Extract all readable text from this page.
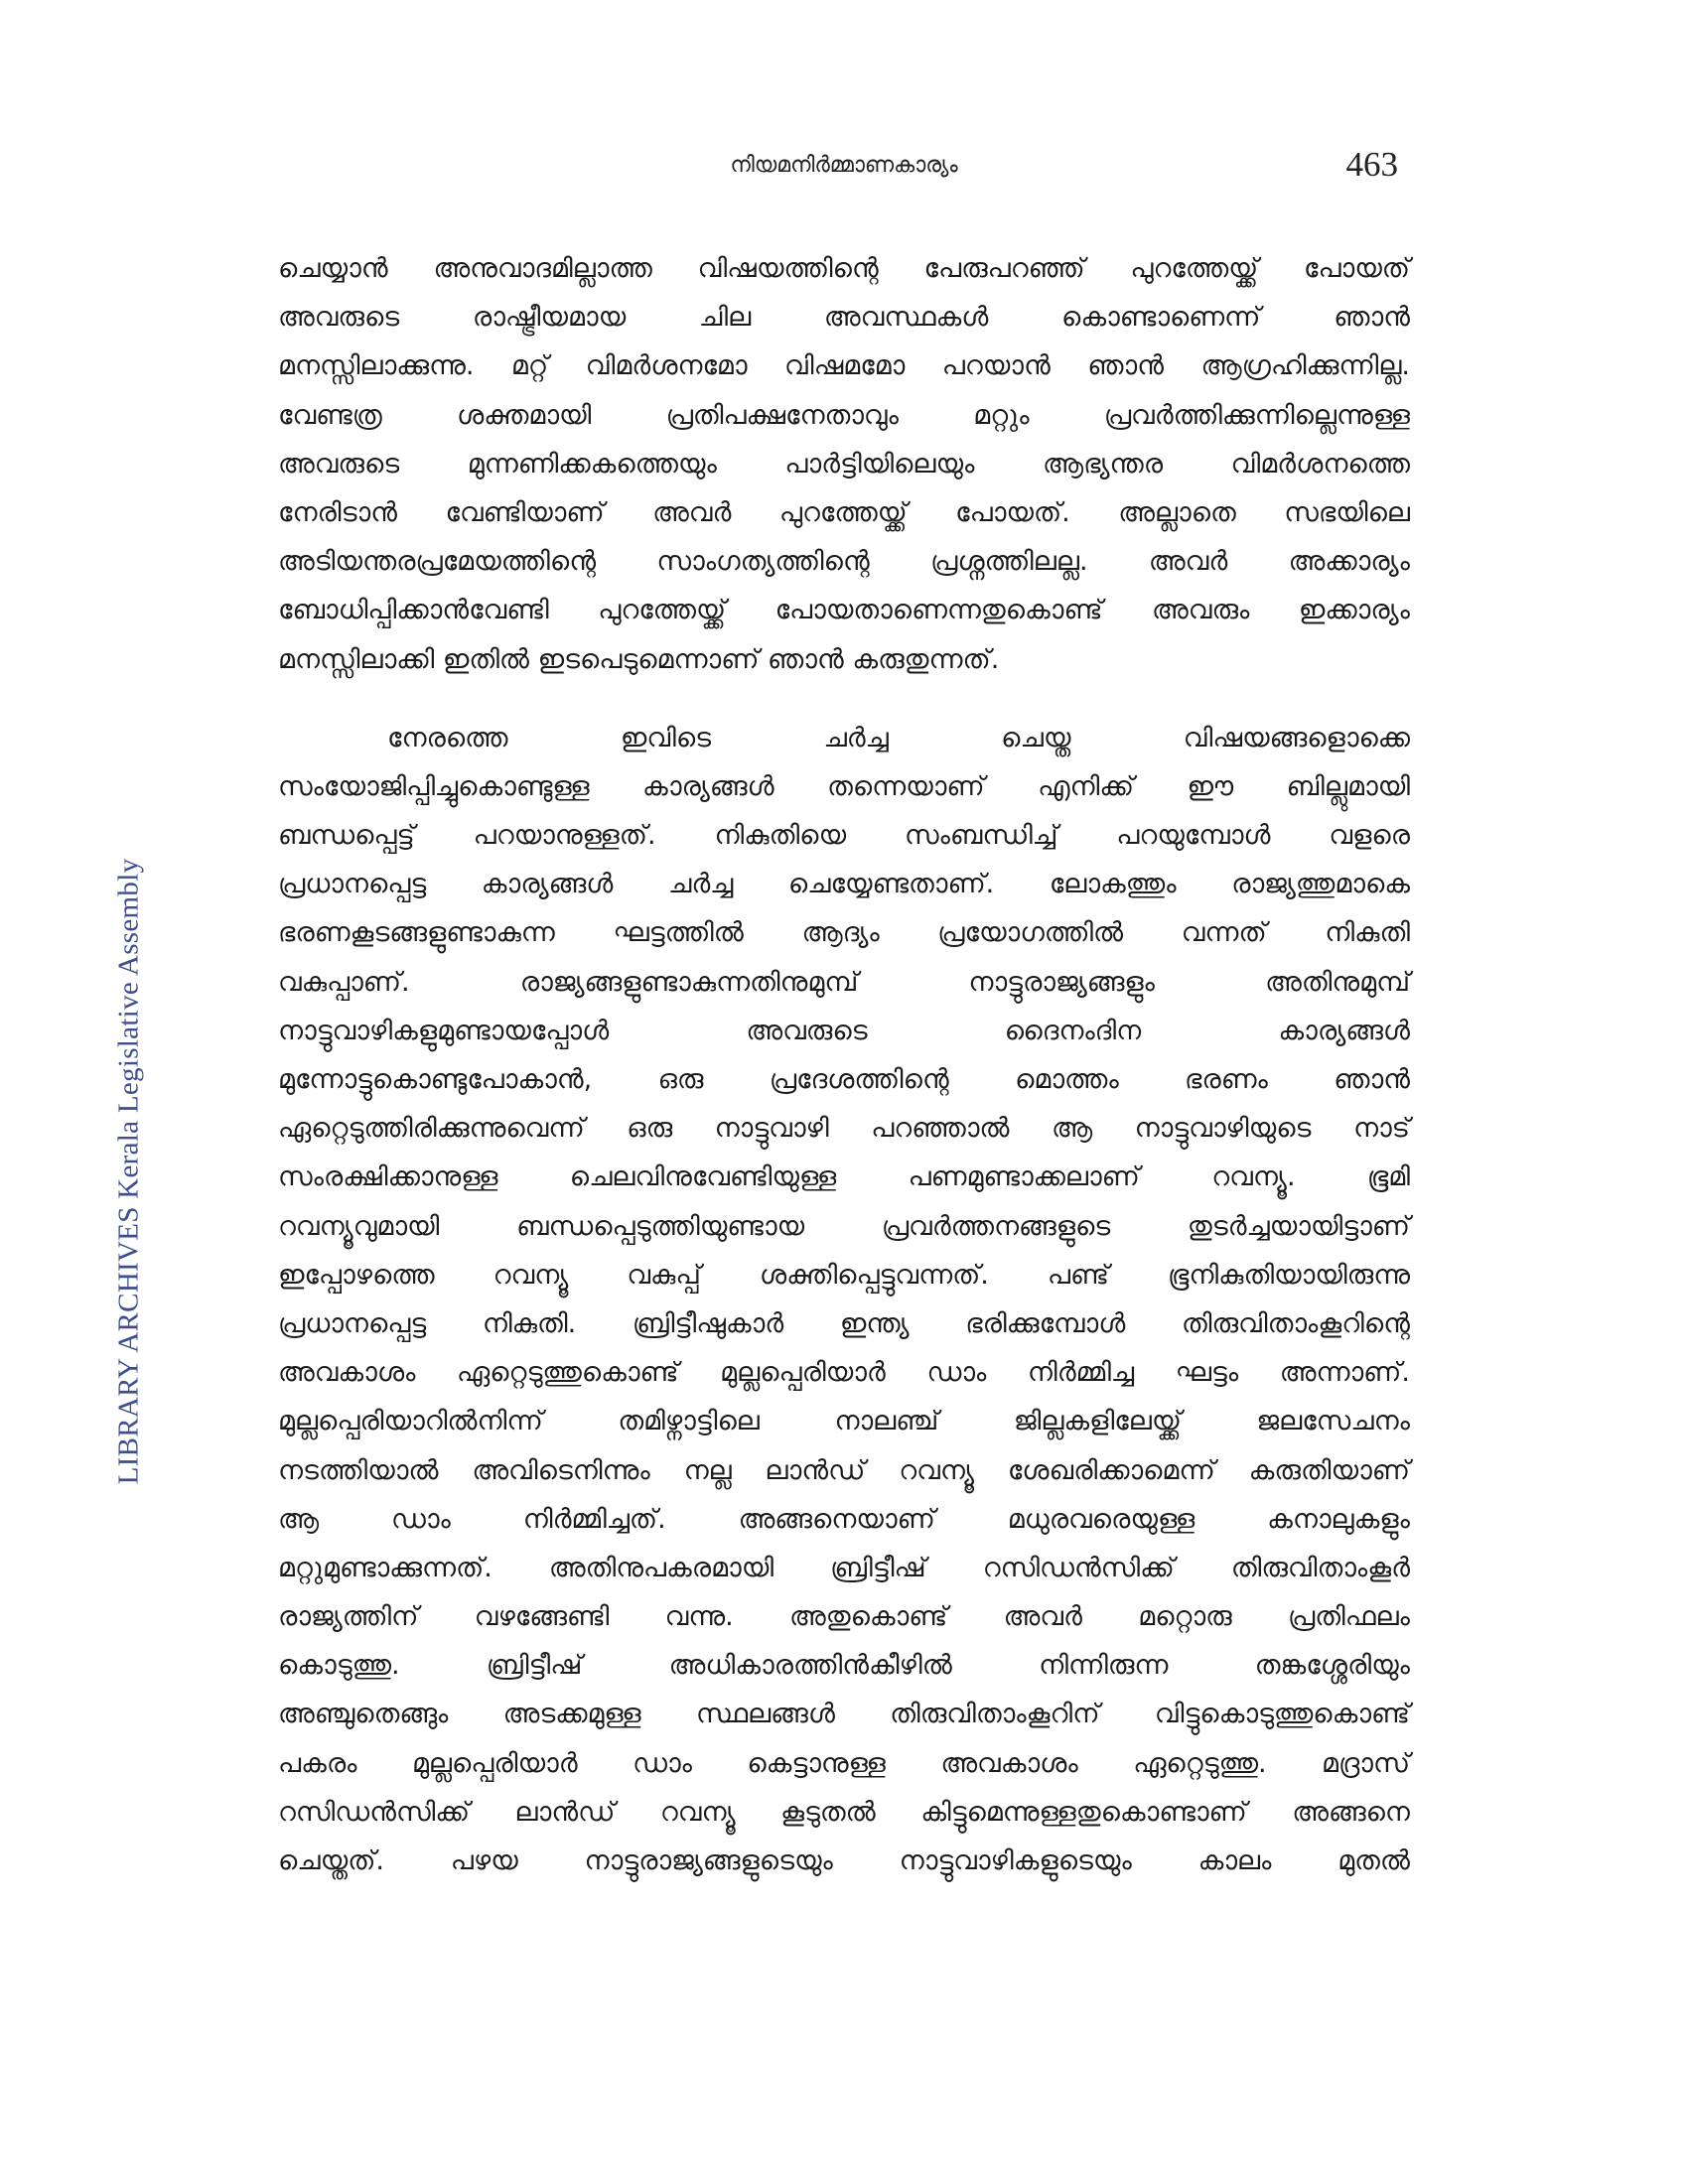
LIBRARY ARCHIVES Kerala Legislative Assembly
നിയമനിർമ്മാണകാര്യം	463
ചെയ്യാൻ അനുവാദമില്ലാത്ത വിഷയത്തിന്റെ പേരുപറഞ്ഞ് പുറത്തേയ്ക്ക് പോയത്
അവരുടെ രാഷ്ട്രീയമായ ചില അവസ്ഥകൾ കൊണ്ടാണെന്ന് ഞാൻ
മനസ്സിലാക്കുന്നു. മറ്റ് വിമർശനമോ വിഷമമോ പറയാൻ ഞാൻ ആഗ്രഹിക്കുന്നില്ല.
വേണ്ടത്ര ശക്തമായി പ്രതിപക്ഷനേതാവും മറ്റും പ്രവർത്തിക്കുന്നില്ലെന്നുള്ള
അവരുടെ മുന്നണിക്കകത്തെയും പാർട്ടിയിലെയും ആഭ്യന്തര വിമർശനത്തെ
നേരിടാൻ വേണ്ടിയാണ് അവർ പുറത്തേയ്ക്ക് പോയത്. അല്ലാതെ സഭയിലെ
അടിയന്തരപ്രമേയത്തിന്റെ സാംഗത്യത്തിന്റെ പ്രശ്നത്തിലല്ല. അവർ അക്കാര്യം
ബോധിപ്പിക്കാൻവേണ്ടി പുറത്തേയ്ക്ക് പോയതാണെന്നതുകൊണ്ട് അവരും ഇക്കാര്യം
മനസ്സിലാക്കി ഇതിൽ ഇടപെടുമെന്നാണ് ഞാൻ കരുതുന്നത്.
നേരത്തെ ഇവിടെ ചർച്ച ചെയ്ത വിഷയങ്ങളൊക്കെ
സംയോജിപ്പിച്ചുകൊണ്ടുള്ള കാര്യങ്ങൾ തന്നെയാണ് എനിക്ക് ഈ ബില്ലുമായി
ബന്ധപ്പെട്ട് പറയാനുള്ളത്. നികുതിയെ സംബന്ധിച്ച് പറയുമ്പോൾ വളരെ
പ്രധാനപ്പെട്ട കാര്യങ്ങൾ ചർച്ച ചെയ്യേണ്ടതാണ്. ലോകത്തും രാജ്യത്തുമാകെ
ഭരണകൂടങ്ങളുണ്ടാകുന്ന ഘട്ടത്തിൽ ആദ്യം പ്രയോഗത്തിൽ വന്നത് നികുതി
വകുപ്പാണ്. രാജ്യങ്ങളുണ്ടാകുന്നതിനുമുമ്പ് നാട്ടുരാജ്യങ്ങളും അതിനുമുമ്പ്
നാട്ടുവാഴികളുമുണ്ടായപ്പോൾ അവരുടെ ദൈനംദിന കാര്യങ്ങൾ
മുന്നോട്ടുകൊണ്ടുപോകാൻ, ഒരു പ്രദേശത്തിന്റെ മൊത്തം ഭരണം ഞാൻ
ഏറ്റെടുത്തിരിക്കുന്നുവെന്ന് ഒരു നാട്ടുവാഴി പറഞ്ഞാൽ ആ നാട്ടുവാഴിയുടെ നാട്
സംരക്ഷിക്കാനുള്ള ചെലവിനുവേണ്ടിയുള്ള പണമുണ്ടാക്കലാണ് റവന്യൂ. ഭൂമി
റവന്യൂവുമായി ബന്ധപ്പെടുത്തിയുണ്ടായ പ്രവർത്തനങ്ങളുടെ തുടർച്ചയായിട്ടാണ്
ഇപ്പോഴത്തെ റവന്യൂ വകുപ്പ് ശക്തിപ്പെട്ടുവന്നത്. പണ്ട് ഭൂനികുതിയായിരുന്നു
പ്രധാനപ്പെട്ട നികുതി. ബ്രിട്ടീഷുകാർ ഇന്ത്യ ഭരിക്കുമ്പോൾ തിരുവിതാംകൂറിന്റെ
അവകാശം ഏറ്റെടുത്തുകൊണ്ട് മുല്ലപ്പെരിയാർ ഡാം നിർമ്മിച്ച ഘട്ടം അന്നാണ്.
മുല്ലപ്പെരിയാറിൽനിന്ന് തമിഴ്നാട്ടിലെ നാലഞ്ച് ജില്ലകളിലേയ്ക്ക് ജലസേചനം
നടത്തിയാൽ അവിടെനിന്നും നല്ല ലാൻഡ് റവന്യൂ ശേഖരിക്കാമെന്ന് കരുതിയാണ്
ആ ഡാം നിർമ്മിച്ചത്. അങ്ങനെയാണ് മധുരവരെയുള്ള കനാലുകളും
മറ്റുമുണ്ടാക്കുന്നത്. അതിനുപകരമായി ബ്രിട്ടീഷ് റസിഡൻസിക്ക് തിരുവിതാംകൂർ
രാജ്യത്തിന് വഴങ്ങേണ്ടി വന്നു. അതുകൊണ്ട് അവർ മറ്റൊരു പ്രതിഫലം
കൊടുത്തു. ബ്രിട്ടീഷ് അധികാരത്തിൻകീഴിൽ നിന്നിരുന്ന തങ്കശ്ശേരിയും
അഞ്ചുതെങ്ങും അടക്കമുള്ള സ്ഥലങ്ങൾ തിരുവിതാംകൂറിന് വിട്ടുകൊടുത്തുകൊണ്ട്
പകരം മുല്ലപ്പെരിയാർ ഡാം കെട്ടാനുള്ള അവകാശം ഏറ്റെടുത്തു. മദ്രാസ്
റസിഡൻസിക്ക് ലാൻഡ് റവന്യൂ കൂടുതൽ കിട്ടുമെന്നുള്ളതുകൊണ്ടാണ് അങ്ങനെ
ചെയ്തത്. പഴയ നാട്ടുരാജ്യങ്ങളുടെയും നാട്ടുവാഴികളുടെയും കാലം മുതൽ
